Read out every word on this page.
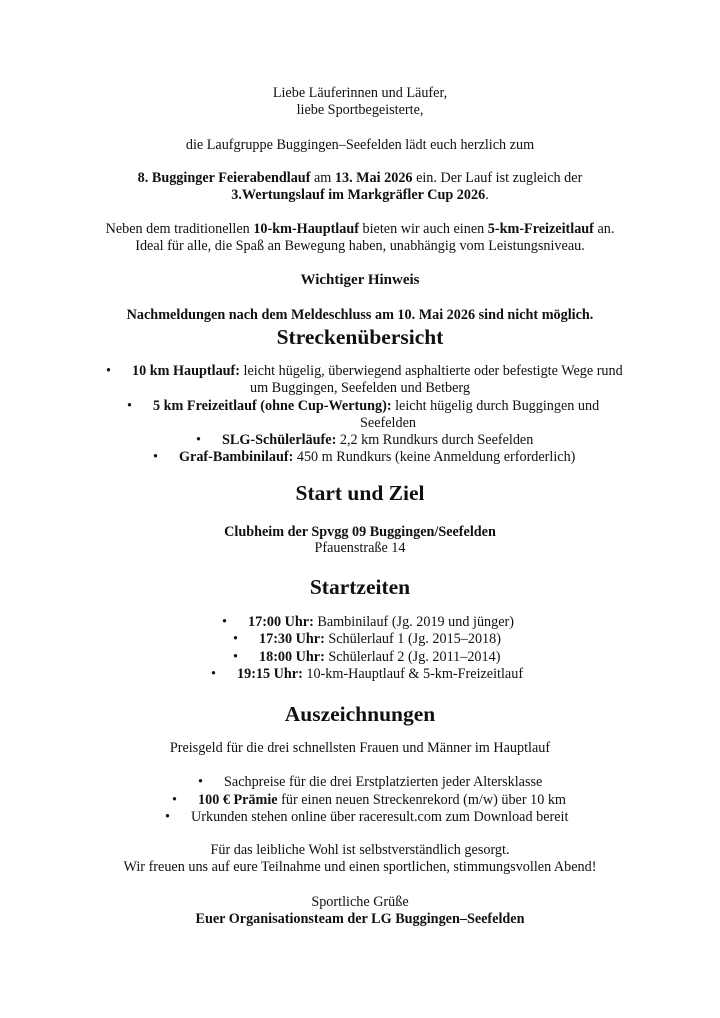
Liebe Läuferinnen und Läufer,
liebe Sportbegeisterte,
die Laufgruppe Buggingen–Seefelden lädt euch herzlich zum
8. Bugginger Feierabendlauf am 13. Mai 2026 ein. Der Lauf ist zugleich der
3.Wertungslauf im Markgräfler Cup 2026.
Neben dem traditionellen 10-km-Hauptlauf bieten wir auch einen 5-km-Freizeitlauf an.
Ideal für alle, die Spaß an Bewegung haben, unabhängig vom Leistungsniveau.
Wichtiger Hinweis
Nachmeldungen nach dem Meldeschluss am 10. Mai 2026 sind nicht möglich.
Streckenübersicht
• 10 km Hauptlauf: leicht hügelig, überwiegend asphaltierte oder befestigte Wege rund
um Buggingen, Seefelden und Betberg
• 5 km Freizeitlauf (ohne Cup-Wertung): leicht hügelig durch Buggingen und
Seefelden
• SLG-Schülerläufe: 2,2 km Rundkurs durch Seefelden
• Graf-Bambinilauf: 450 m Rundkurs (keine Anmeldung erforderlich)
Start und Ziel
Clubheim der Spvgg 09 Buggingen/Seefelden
Pfauenstraße 14
Startzeiten
• 17:00 Uhr: Bambinilauf (Jg. 2019 und jünger)
• 17:30 Uhr: Schülerlauf 1 (Jg. 2015–2018)
• 18:00 Uhr: Schülerlauf 2 (Jg. 2011–2014)
• 19:15 Uhr: 10-km-Hauptlauf & 5-km-Freizeitlauf
Auszeichnungen
Preisgeld für die drei schnellsten Frauen und Männer im Hauptlauf
• Sachpreise für die drei Erstplatzierten jeder Altersklasse
• 100 € Prämie für einen neuen Streckenrekord (m/w) über 10 km
• Urkunden stehen online über raceresult.com zum Download bereit
Für das leibliche Wohl ist selbstverständlich gesorgt.
Wir freuen uns auf eure Teilnahme und einen sportlichen, stimmungsvollen Abend!
Sportliche Grüße
Euer Organisationsteam der LG Buggingen–Seefelden
